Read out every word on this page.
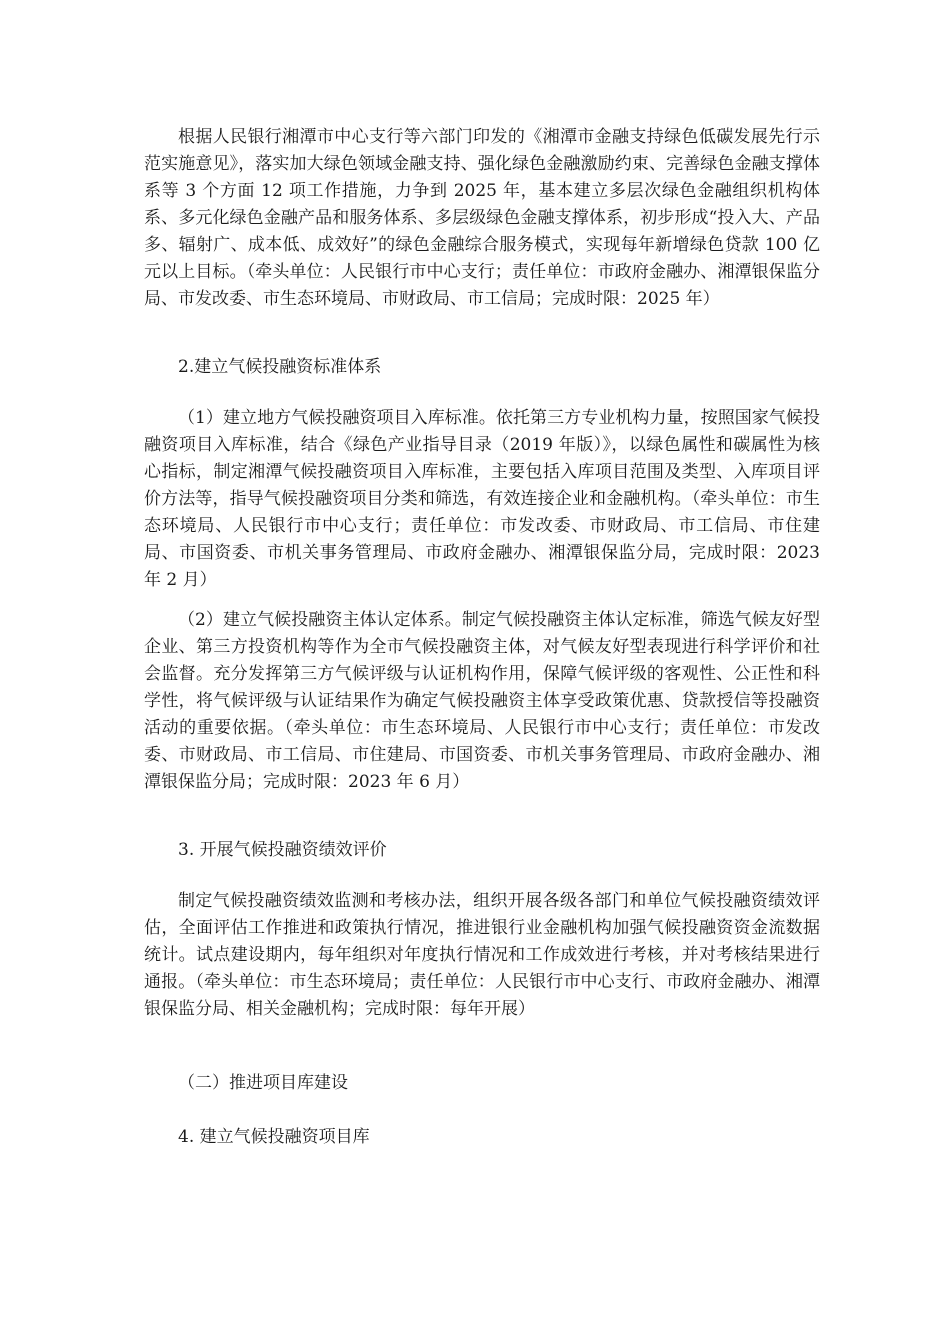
根据人民银行湘潭市中心支行等六部门印发的《湘潭市金融支持绿色低碳发展先行示范实施意见》，落实加大绿色领域金融支持、强化绿色金融激励约束、完善绿色金融支撑体系等 3 个方面 12 项工作措施，力争到 2025 年，基本建立多层次绿色金融组织机构体系、多元化绿色金融产品和服务体系、多层级绿色金融支撑体系，初步形成“投入大、产品多、辐射广、成本低、成效好”的绿色金融综合服务模式，实现每年新增绿色贷款 100 亿元以上目标。（牵头单位：人民银行市中心支行；责任单位：市政府金融办、湘潭银保监分局、市发改委、市生态环境局、市财政局、市工信局；完成时限：2025 年）

2.建立气候投融资标准体系

（1）建立地方气候投融资项目入库标准。依托第三方专业机构力量，按照国家气候投融资项目入库标准，结合《绿色产业指导目录（2019 年版）》，以绿色属性和碳属性为核心指标，制定湘潭气候投融资项目入库标准，主要包括入库项目范围及类型、入库项目评价方法等，指导气候投融资项目分类和筛选，有效连接企业和金融机构。（牵头单位：市生态环境局、人民银行市中心支行；责任单位：市发改委、市财政局、市工信局、市住建局、市国资委、市机关事务管理局、市政府金融办、湘潭银保监分局，完成时限：2023 年 2 月）

（2）建立气候投融资主体认定体系。制定气候投融资主体认定标准，筛选气候友好型企业、第三方投资机构等作为全市气候投融资主体，对气候友好型表现进行科学评价和社会监督。充分发挥第三方气候评级与认证机构作用，保障气候评级的客观性、公正性和科学性，将气候评级与认证结果作为确定气候投融资主体享受政策优惠、贷款授信等投融资活动的重要依据。（牵头单位：市生态环境局、人民银行市中心支行；责任单位：市发改委、市财政局、市工信局、市住建局、市国资委、市机关事务管理局、市政府金融办、湘潭银保监分局；完成时限：2023 年 6 月）

3. 开展气候投融资绩效评价

制定气候投融资绩效监测和考核办法，组织开展各级各部门和单位气候投融资绩效评估，全面评估工作推进和政策执行情况，推进银行业金融机构加强气候投融资资金流数据统计。试点建设期内，每年组织对年度执行情况和工作成效进行考核，并对考核结果进行通报。（牵头单位：市生态环境局；责任单位：人民银行市中心支行、市政府金融办、湘潭银保监分局、相关金融机构；完成时限：每年开展）

（二）推进项目库建设
4. 建立气候投融资项目库
